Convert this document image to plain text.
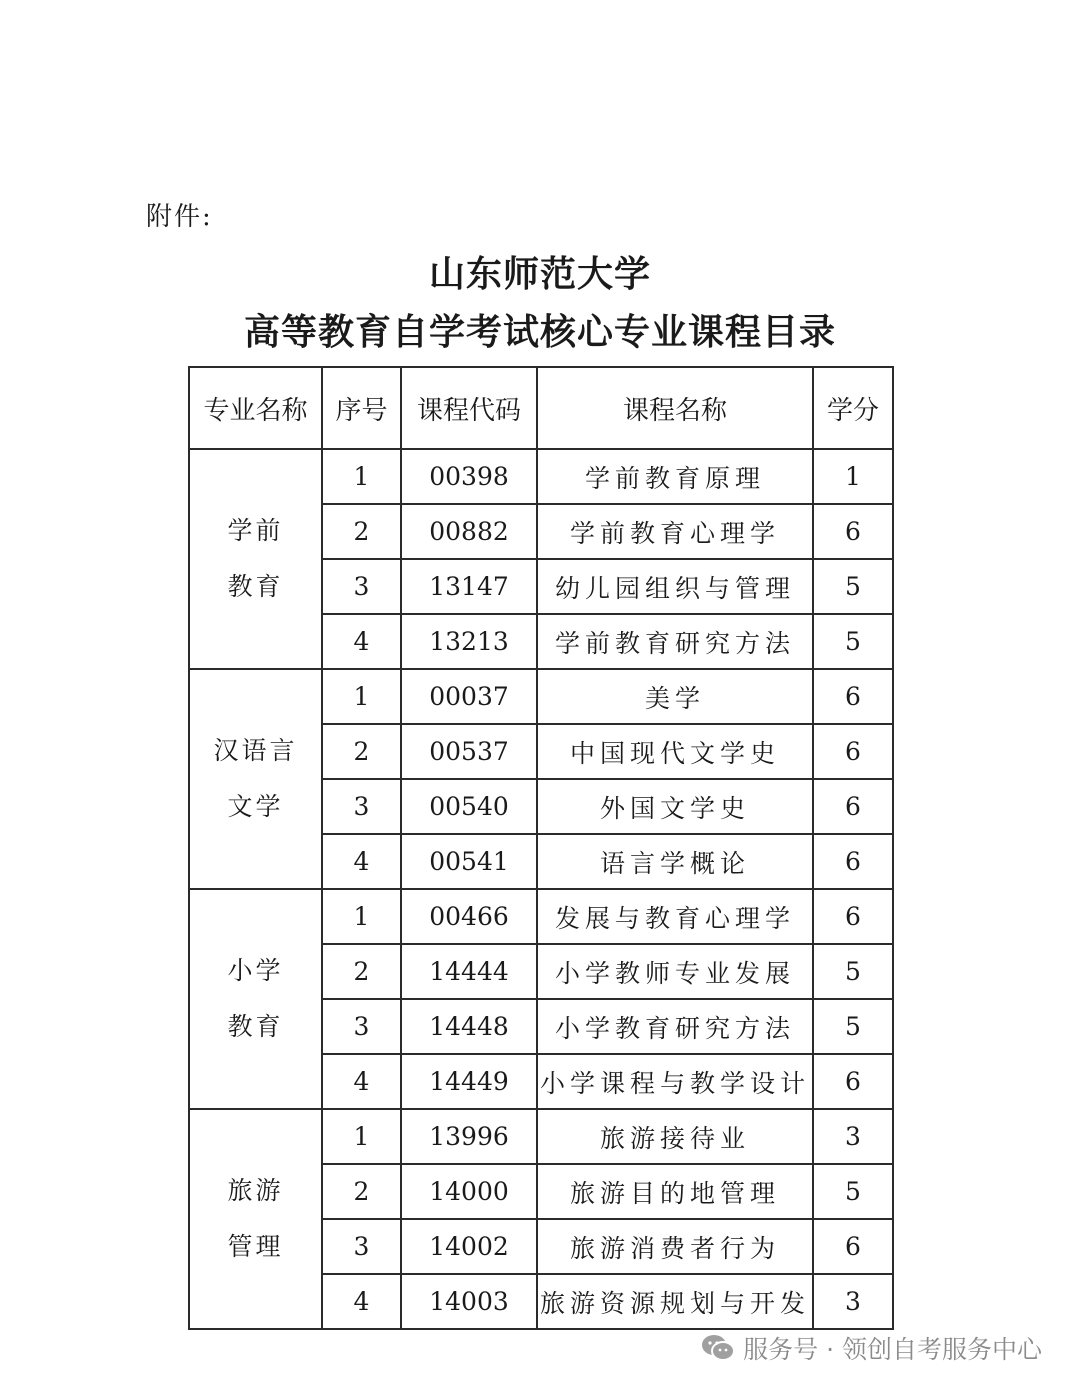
附件:
山东师范大学
高等教育自学考试核心专业课程目录
专业名称	序号	课程代码	课程名称	学分

学前
教育	1	00398	学前教育原理	1
	2	00882	学前教育心理学	6
	3	13147	幼儿园组织与管理	5
	4	13213	学前教育研究方法	5

汉语言
文学	1	00037	美学	6
	2	00537	中国现代文学史	6
	3	00540	外国文学史	6
	4	00541	语言学概论	6

小学
教育	1	00466	发展与教育心理学	6
	2	14444	小学教师专业发展	5
	3	14448	小学教育研究方法	5
	4	14449	小学课程与教学设计	6

旅游
管理	1	13996	旅游接待业	3
	2	14000	旅游目的地管理	5
	3	14002	旅游消费者行为	6
	4	14003	旅游资源规划与开发	3
服务号 · 领创自考服务中心
